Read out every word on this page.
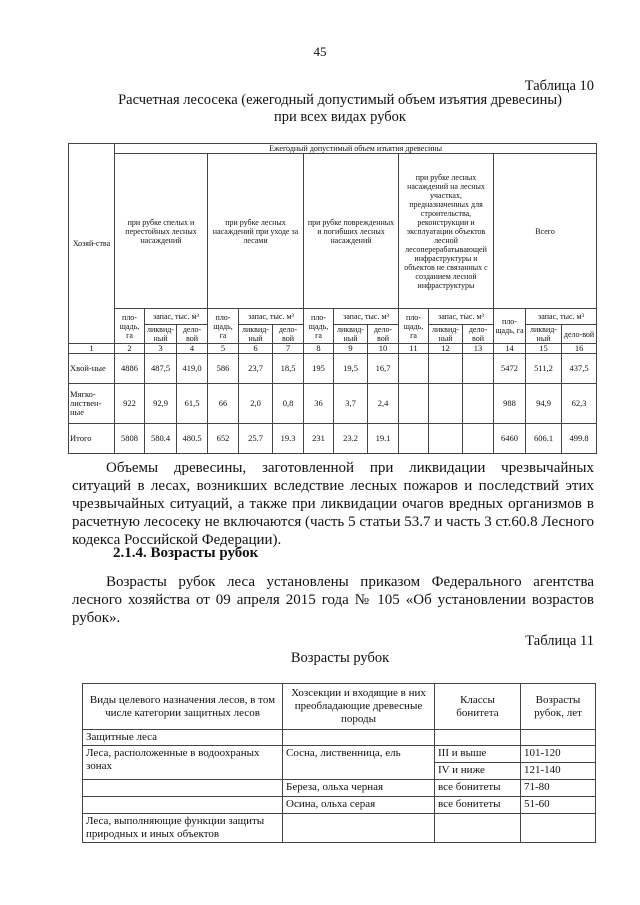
45
Таблица 10
Расчетная лесосека (ежегодный допустимый объем изъятия древесины)
при всех видах рубок
Хозяй-ства	Ежегодный допустимый объем изъятия древесины														
	при рубке спелых и перестойных лесных насаждений			при рубке лесных насаждений при уходе за лесами			при рубке поврежденных и погибших лесных насаждений			при рубке лесных насаждений на лесных участках, предназначенных для строительства, реконструкции и эксплуатации объектов лесной лесоперерабатывающей инфраструктуры и объектов не связанных с созданием лесной инфраструктуры			Всего		
	пло-щадь, га	запас, тыс. м³		пло-щадь, га	запас, тыс. м³		пло-щадь, га	запас, тыс. м³		пло-щадь, га	запас, тыс. м³		пло-щадь, га	запас, тыс. м³	
		ликвид-ный	дело-вой		ликвид-ный	дело-вой		ликвид-ный	дело-вой		ликвид-ный	дело-вой		ликвид-ный	дело-вой
1	2	3	4	5	6	7	8	9	10	11	12	13	14	15	16
Хвой-ные	4886	487,5	419,0	586	23,7	18,5	195	19,5	16,7				5472	511,2	437,5
Мягко-листвен-ные	922	92,9	61,5	66	2,0	0,8	36	3,7	2,4				988	94,9	62,3
Итого	5808	580.4	480.5	652	25.7	19.3	231	23.2	19.1				6460	606.1	499.8
Объемы древесины, заготовленной при ликвидации чрезвычайных ситуаций в лесах, возникших вследствие лесных пожаров и последствий этих чрезвычайных ситуаций, а также при ликвидации очагов вредных организмов в расчетную лесосеку не включаются (часть 5 статьи 53.7 и часть 3 ст.60.8 Лесного кодекса Российской Федерации).
2.1.4. Возрасты рубок
Возрасты рубок леса установлены приказом Федерального агентства лесного хозяйства от 09 апреля 2015 года № 105 «Об установлении возрастов рубок».
Таблица 11
Возрасты рубок
Виды целевого назначения лесов, в том числе категории защитных лесов	Хозсекции и входящие в них преобладающие древесные породы	Классы бонитета	Возрасты рубок, лет
Защитные леса			
Леса, расположенные в водоохраных зонах	Сосна, лиственница, ель	III и выше	101-120
		IV и ниже	121-140
	Береза, ольха черная	все бонитеты	71-80
	Осина, ольха серая	все бонитеты	51-60
Леса, выполняющие функции защиты природных и иных объектов			
